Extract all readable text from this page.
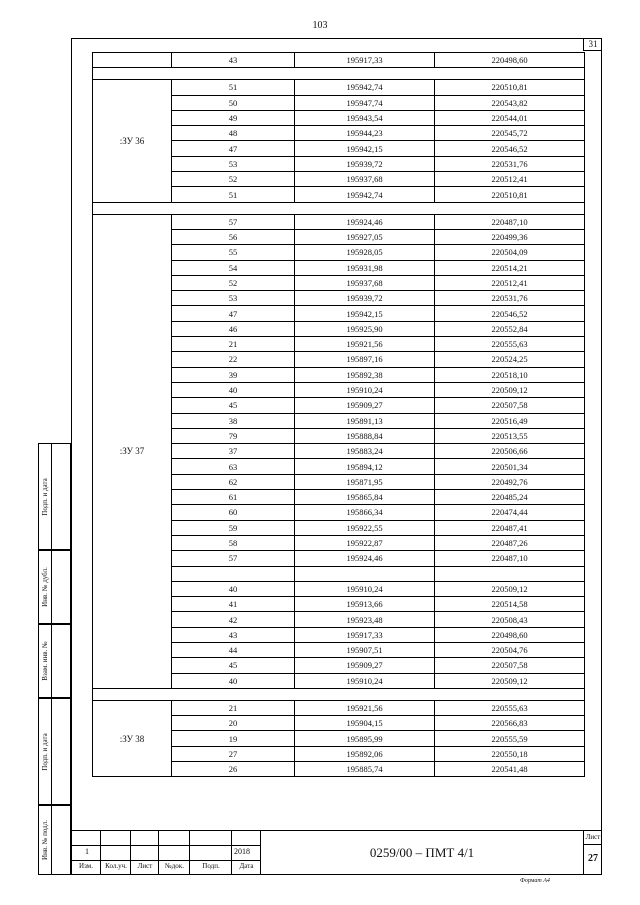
103
31
	43	195917,33	220498,60

:ЗУ 36	51	195942,74	220510,81
	50	195947,74	220543,82
	49	195943,54	220544,01
	48	195944,23	220545,72
	47	195942,15	220546,52
	53	195939,72	220531,76
	52	195937,68	220512,41
	51	195942,74	220510,81

:ЗУ 37	57	195924,46	220487,10
	56	195927,05	220499,36
	55	195928,05	220504,09
	54	195931,98	220514,21
	52	195937,68	220512,41
	53	195939,72	220531,76
	47	195942,15	220546,52
	46	195925,90	220552,84
	21	195921,56	220555,63
	22	195897,16	220524,25
	39	195892,38	220518,10
	40	195910,24	220509,12
	45	195909,27	220507,58
	38	195891,13	220516,49
	79	195888,84	220513,55
	37	195883,24	220506,66
	63	195894,12	220501,34
	62	195871,95	220492,76
	61	195865,84	220485,24
	60	195866,34	220474,44
	59	195922,55	220487,41
	58	195922,87	220487,26
	57	195924,46	220487,10

	40	195910,24	220509,12
	41	195913,66	220514,58
	42	195923,48	220508,43
	43	195917,33	220498,60
	44	195907,51	220504,76
	45	195909,27	220507,58
	40	195910,24	220509,12

:ЗУ 38	21	195921,56	220555,63
	20	195904,15	220566,83
	19	195895,99	220555,59
	27	195892,06	220550,18
	26	195885,74	220541,48
Подп. и дата
Инв. № дубл.
Взам. инв. №
Подп. и дата
Инв. № подл.	1	2018
Изм.	Кол.уч.	Лист	№док.	Подп.	Дата
0259/00 – ПМТ 4/1
Лист
27
Формат А4
